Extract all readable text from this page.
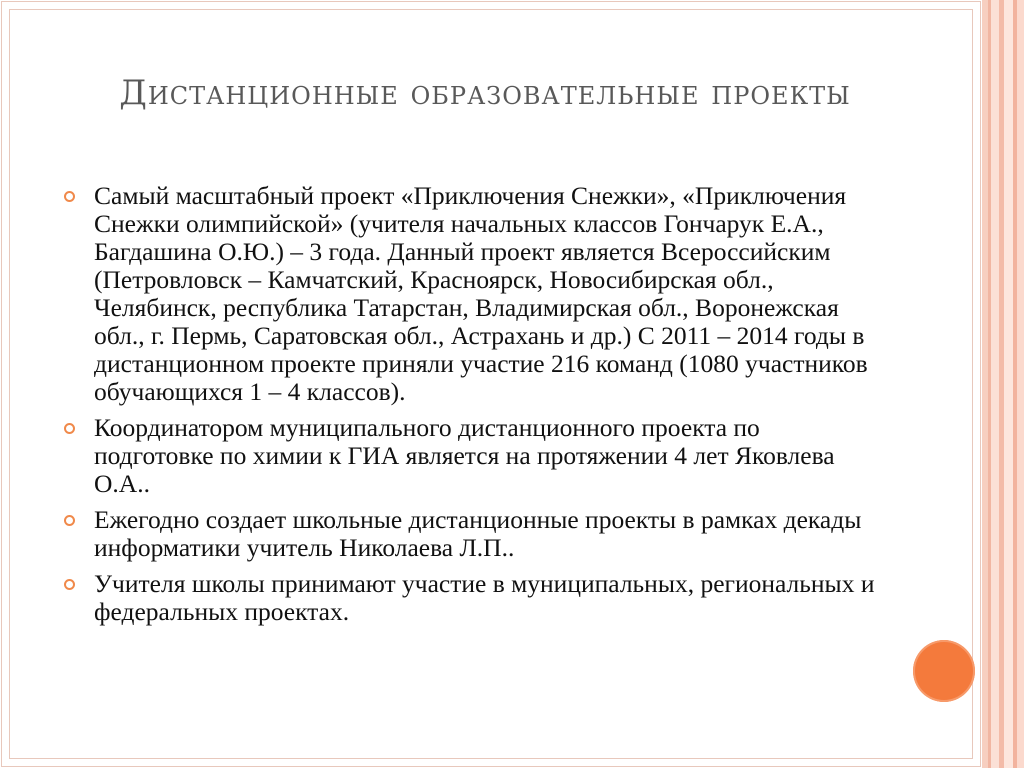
Дистанционные образовательные проекты
Самый масштабный проект «Приключения Снежки», «Приключения Снежки олимпийской» (учителя начальных классов Гончарук Е.А., Багдашина О.Ю.) – 3 года. Данный проект является Всероссийским (Петровловск – Камчатский, Красноярск, Новосибирская обл., Челябинск, республика Татарстан, Владимирская обл., Воронежская обл., г. Пермь, Саратовская обл., Астрахань и др.) С 2011 – 2014 годы в дистанционном проекте приняли участие 216 команд (1080 участников обучающихся 1 – 4 классов).
Координатором муниципального дистанционного проекта по подготовке по химии к ГИА является на протяжении 4 лет Яковлева О.А..
Ежегодно создает школьные дистанционные проекты в рамках декады информатики учитель Николаева Л.П..
Учителя школы принимают участие в муниципальных, региональных и федеральных проектах.
